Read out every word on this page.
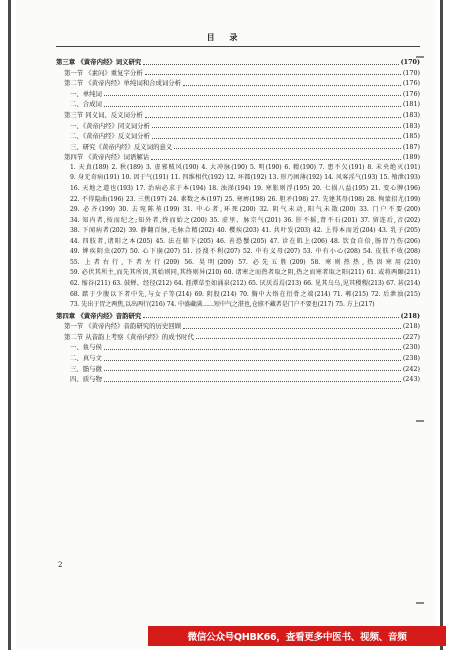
目 录
第三章 《黄帝内经》词义研究	(170)
第一节 《素问》重复字分析	(170)
第二节 《黄帝内经》单纯词和合成词分析	(176)
一、单纯词	(176)
二、合成词	(181)
第三节 同义词、反义词分析	(183)
一、《黄帝内经》同义词分析	(183)
二、《黄帝内经》反义词分析	(185)
三、研究《黄帝内经》反义词的意义	(187)
第四节 《黄帝内经》词语解诂	(189)
1. 天真(189) 2. 秋(189) 3. 虚邪贼风(190) 4. 大冲脉(190) 5. 明(190) 6. 精(190) 7. 患不欠(191) 8. 未央绝灭(191) 9. 身无奇病(191) 10. 因于气(191) 11. 四维相代(192) 12. 坏都(192) 13. 形乃困薄(192) 14. 风客淫气(193) 15. 飧泄(193) 16. 天地之道也(193) 17. 治病必求于本(194) 18. 浊涕(194) 19. 寒胀则浮(195) 20. 七损八益(195) 21. 变心脾(196) 22. 不得隐曲(196) 23. 三焦(197) 24. 素数之本(197) 25. 寒痹(198) 26. 胆矛(198) 27. 先建其母(198) 28. 徇蒙招尤(199) 29. 必齐(199) 30. 去宛陈莝(199) 31. 中心者,环死(200) 32. 阴气未动,阳气未散(200) 33. 门户不要(200) 34. 知内者,按而纪之;知外者,终而始之(200) 35. 虚里、脉宗气(201) 36. 肝不摇,肾不石(201) 37. 留连后,音(202) 38. 下闻病者(202) 39. 静翻百脉,毛脉合精(202) 40. 樱疾(203) 41. 共叶发(203) 42. 上得本而近(204) 43. 乳子(205) 44. 四肢者,诸阳之本(205) 45. 法在肺下(205) 46. 善恐蟹(205) 47. 诊在肌上(206) 48. 饮食自倍,肠胃乃伤(206) 49. 婢疾阴虫(207) 50. 心下崩(207) 51. 泾溲不利(207) 52. 中有义母(207) 53. 中有小心(208) 54. 皮肤不收(208) 55. 上者右行,下者左行(209) 56. 昊明(209) 57. 必先五胜(209) 58. 寒则热热,热因寒用(210) 59. 必伏其所主,而先其所因,其始则同,其终则异(210) 60. 诸寒之而热者取之阴,热之而寒者取之阳(211) 61. 或将两颐(211) 62. 缩谷(211) 63. 鼓蝉、经径(212) 64. 涯潭草至如涌泉(212) 65. 厌厌焉焉(213) 66. 见其乌乌,见其稷稷(213) 67. 甚(214) 68. 踮于少腹以下者中先,与女子等(214) 69. 阴股(214) 70. 胸中大络在衍骨之端(214) 71. 郫(215) 72. 后泄浊(215) 73. 先出于胃之两焦,以出两行(216) 74. 中盛藏满……短中气之湛也,仓廪不藏者是门户不要也(217) 75. 方上(217)
第四章 《黄帝内经》音韵研究	(218)
第一节 《黄帝内经》音韵研究的历史回顾	(218)
第二节 从音韵上考察《黄帝内经》的成书时代	(227)
一、鱼与侯	(230)
二、真与文	(238)
三、脂与微	(242)
四、质与物	(243)
2
微信公众号QHBK66，查看更多中医书、视频、音频
